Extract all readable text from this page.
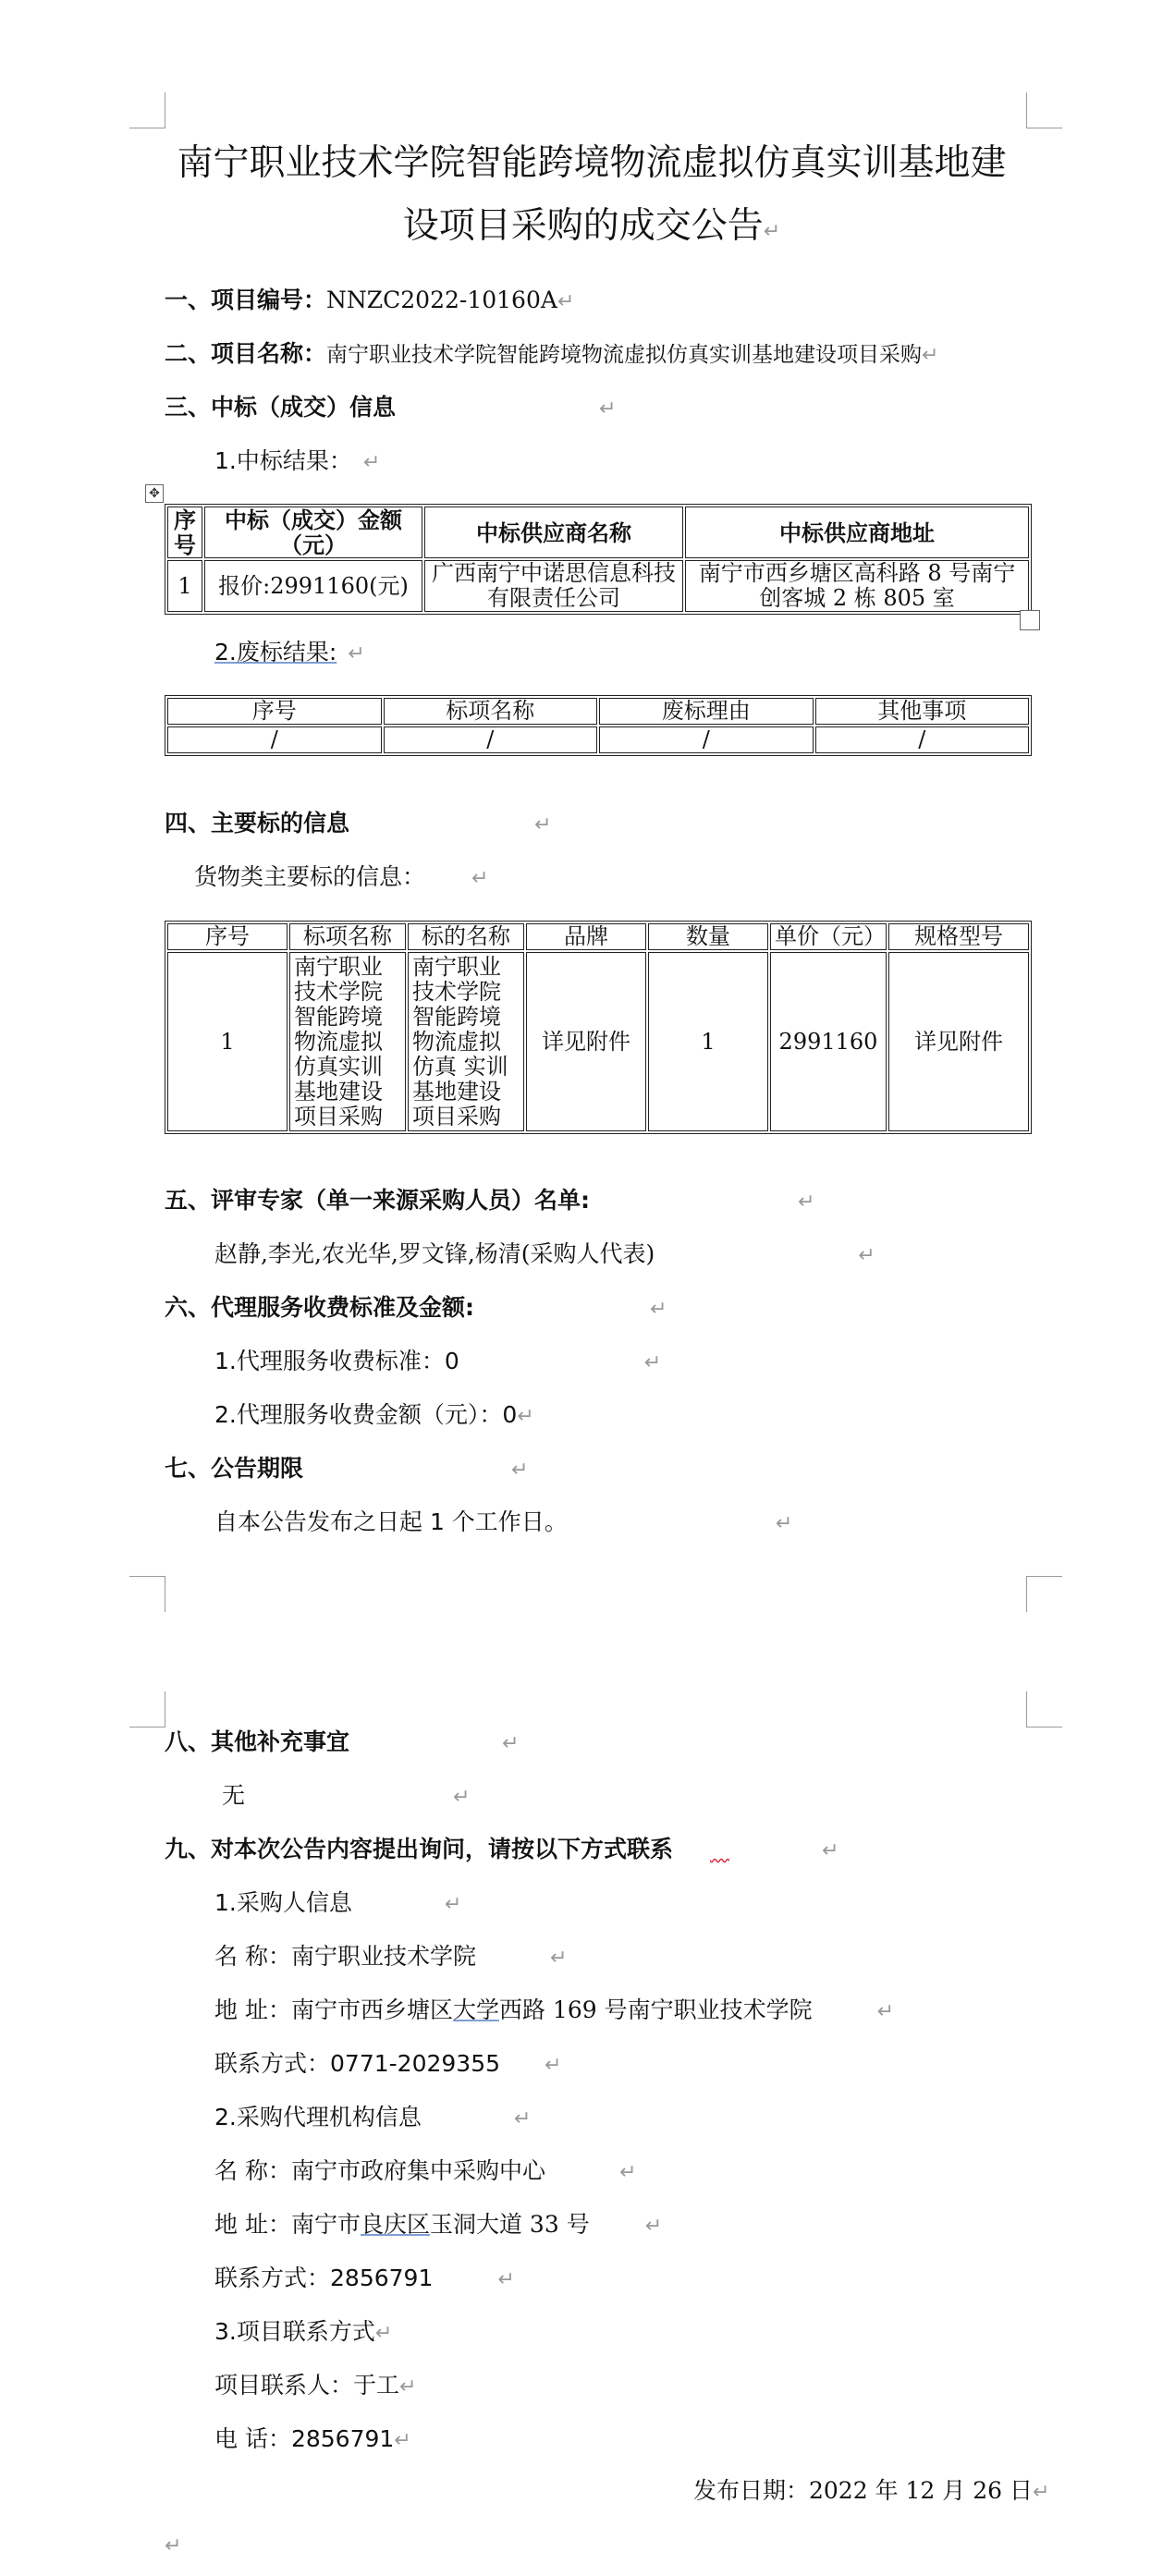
南宁职业技术学院智能跨境物流虚拟仿真实训基地建
设项目采购的成交公告↵
一、项目编号：NNZC2022-10160A↵
二、项目名称：南宁职业技术学院智能跨境物流虚拟仿真实训基地建设项目采购↵
三、中标（成交）信息	↵
1.中标结果： ↵
✥
序号	中标（成交）金额（元）	中标供应商名称	中标供应商地址
1	报价:2991160(元)	广西南宁中诺思信息科技有限责任公司	南宁市西乡塘区高科路 8 号南宁创客城 2 栋 805 室
2.废标结果: ↵
序号	标项名称	废标理由	其他事项
/	/	/	/
四、主要标的信息	↵
货物类主要标的信息： ↵
序号	标项名称	标的名称	品牌	数量	单价（元）	规格型号
1	南宁职业技术学院智能跨境物流虚拟仿真实训基地建设项目采购	南宁职业技术学院智能跨境物流虚拟仿真 实训基地建设项目采购	详见附件	1	2991160	详见附件
五、评审专家（单一来源采购人员）名单:	↵
赵静,李光,农光华,罗文锋,杨清(采购人代表)	↵
六、代理服务收费标准及金额:	↵
1.代理服务收费标准：0	↵
2.代理服务收费金额（元）：0↵
七、公告期限	↵
自本公告发布之日起 1 个工作日。	↵
八、其他补充事宜	↵
无	↵
九、对本次公告内容提出询问，请按以下方式联系	↵
1.采购人信息	↵
名 称：南宁职业技术学院	↵
地 址：南宁市西乡塘区大学西路 169 号南宁职业技术学院	↵
联系方式：0771-2029355 ↵
2.采购代理机构信息	↵
名 称：南宁市政府集中采购中心	↵
地 址：南宁市良庆区玉洞大道 33 号	↵
联系方式：2856791	↵
3.项目联系方式↵
项目联系人：于工↵
电 话：2856791↵
发布日期：2022 年 12 月 26 日↵
↵
